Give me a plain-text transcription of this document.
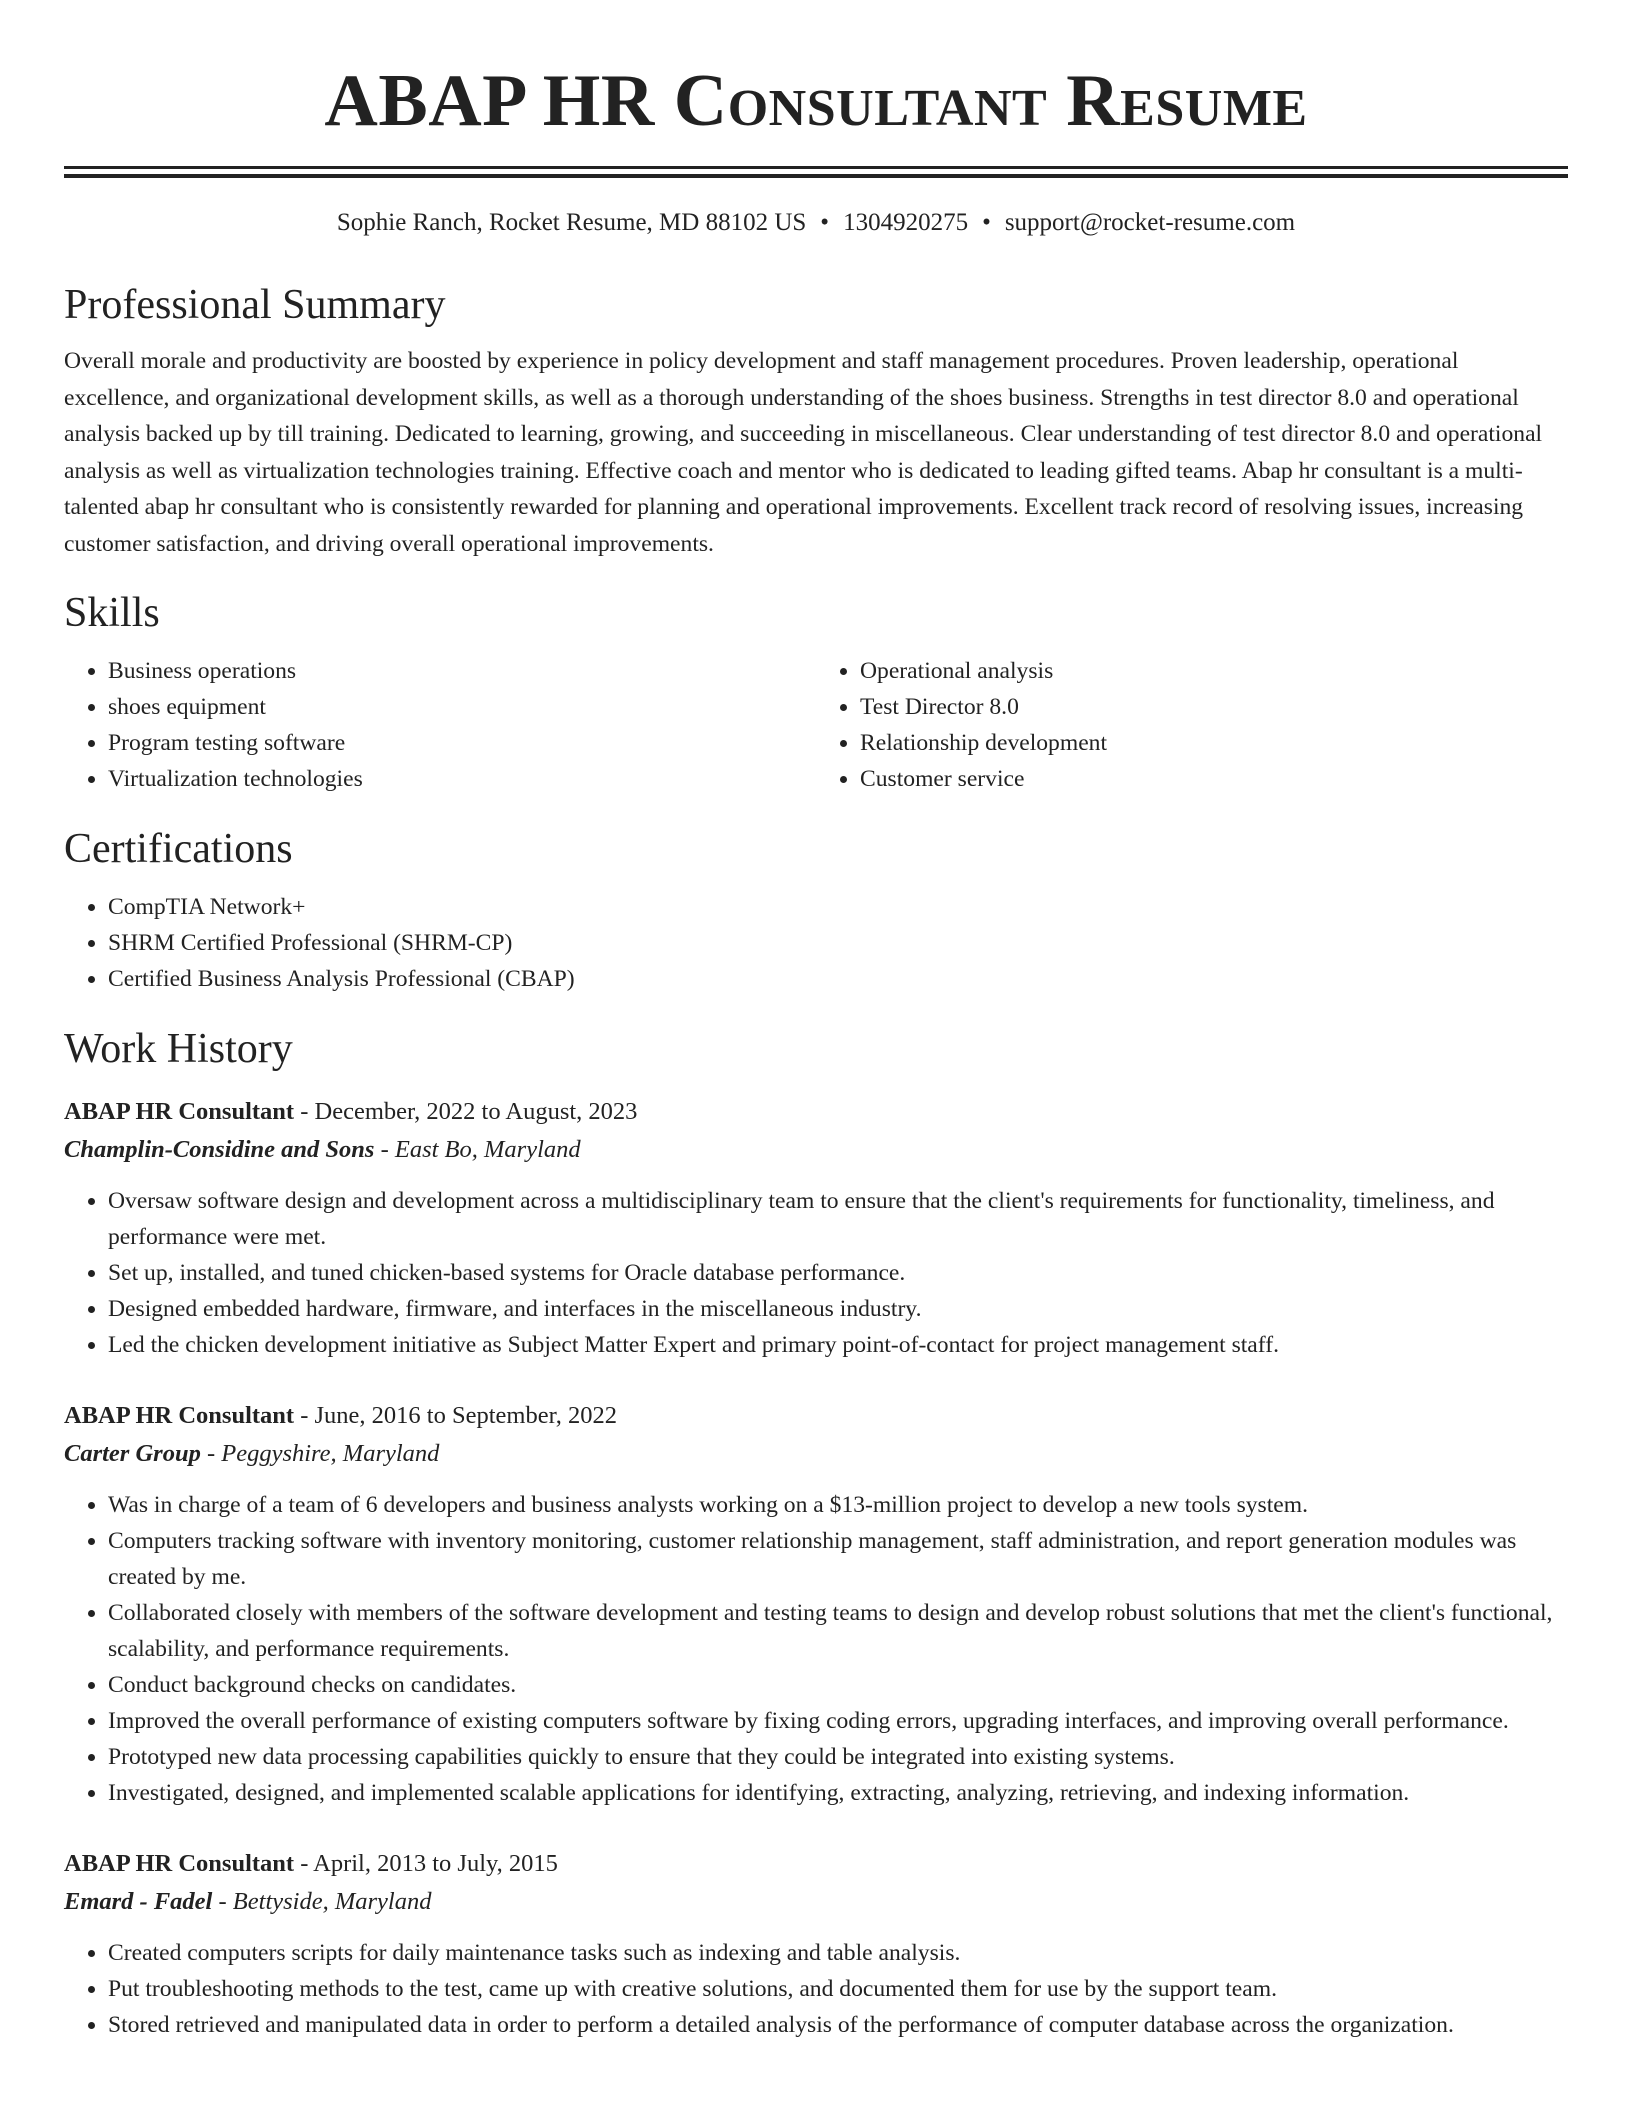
ABAP HR Consultant Resume
Sophie Ranch, Rocket Resume, MD 88102 US • 1304920275 • support@rocket-resume.com
Professional Summary

Overall morale and productivity are boosted by experience in policy development and staff management procedures. Proven leadership, operational excellence, and organizational development skills, as well as a thorough understanding of the shoes business. Strengths in test director 8.0 and operational analysis backed up by till training. Dedicated to learning, growing, and succeeding in miscellaneous. Clear understanding of test director 8.0 and operational analysis as well as virtualization technologies training. Effective coach and mentor who is dedicated to leading gifted teams. Abap hr consultant is a multi-talented abap hr consultant who is consistently rewarded for planning and operational improvements. Excellent track record of resolving issues, increasing customer satisfaction, and driving overall operational improvements.

Skills
• Business operations
• shoes equipment
• Program testing software
• Virtualization technologies
• Operational analysis
• Test Director 8.0
• Relationship development
• Customer service
Certifications
• CompTIA Network+
• SHRM Certified Professional (SHRM-CP)
• Certified Business Analysis Professional (CBAP)
Work History
ABAP HR Consultant - December, 2022 to August, 2023
Champlin-Considine and Sons - East Bo, Maryland
• Oversaw software design and development across a multidisciplinary team to ensure that the client's requirements for functionality, timeliness, and performance were met.
• Set up, installed, and tuned chicken-based systems for Oracle database performance.
• Designed embedded hardware, firmware, and interfaces in the miscellaneous industry.
• Led the chicken development initiative as Subject Matter Expert and primary point-of-contact for project management staff.
ABAP HR Consultant - June, 2016 to September, 2022
Carter Group - Peggyshire, Maryland
• Was in charge of a team of 6 developers and business analysts working on a $13-million project to develop a new tools system.
• Computers tracking software with inventory monitoring, customer relationship management, staff administration, and report generation modules was created by me.
• Collaborated closely with members of the software development and testing teams to design and develop robust solutions that met the client's functional, scalability, and performance requirements.
• Conduct background checks on candidates.
• Improved the overall performance of existing computers software by fixing coding errors, upgrading interfaces, and improving overall performance.
• Prototyped new data processing capabilities quickly to ensure that they could be integrated into existing systems.
• Investigated, designed, and implemented scalable applications for identifying, extracting, analyzing, retrieving, and indexing information.
ABAP HR Consultant - April, 2013 to July, 2015
Emard - Fadel - Bettyside, Maryland
• Created computers scripts for daily maintenance tasks such as indexing and table analysis.
• Put troubleshooting methods to the test, came up with creative solutions, and documented them for use by the support team.
• Stored retrieved and manipulated data in order to perform a detailed analysis of the performance of computer database across the organization.
